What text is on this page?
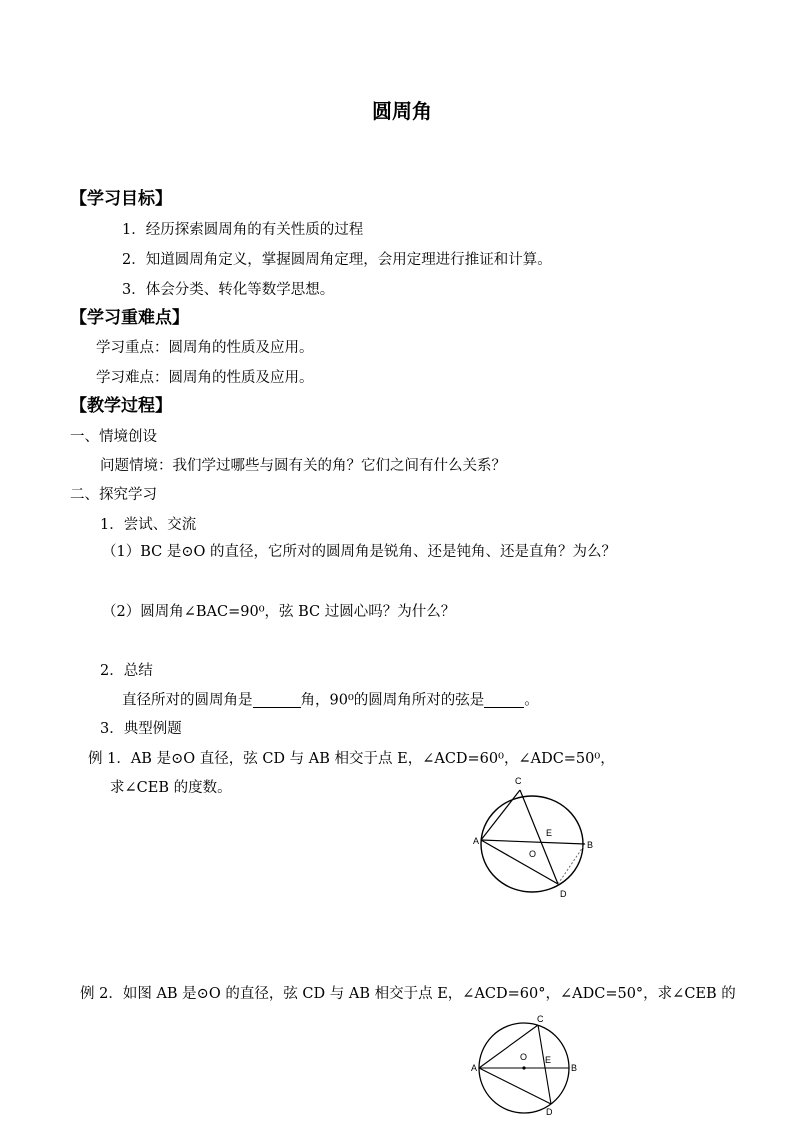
圆周角
【学习目标】
1．经历探索圆周角的有关性质的过程
2．知道圆周角定义，掌握圆周角定理，会用定理进行推证和计算。
3．体会分类、转化等数学思想。
【学习重难点】
学习重点：圆周角的性质及应用。
学习难点：圆周角的性质及应用。
【教学过程】
一、情境创设
问题情境：我们学过哪些与圆有关的角？它们之间有什么关系？
二、探究学习
1．尝试、交流
（1）BC 是⊙O 的直径，它所对的圆周角是锐角、还是钝角、还是直角？为么？
（2）圆周角∠BAC=90⁰，弦 BC 过圆心吗？为什么？
2．总结
直径所对的圆周角是	角，90⁰的圆周角所对的弦是	。
3．典型例题
例 1．AB 是⊙O 直径，弦 CD 与 AB 相交于点 E，∠ACD=60⁰，∠ADC=50⁰，
求∠CEB 的度数。
A	B
C
D
E
O
例 2．如图 AB 是⊙O 的直径，弦 CD 与 AB 相交于点 E，∠ACD=60°，∠ADC=50°，求∠CEB 的
A	B
C
D
E
O
